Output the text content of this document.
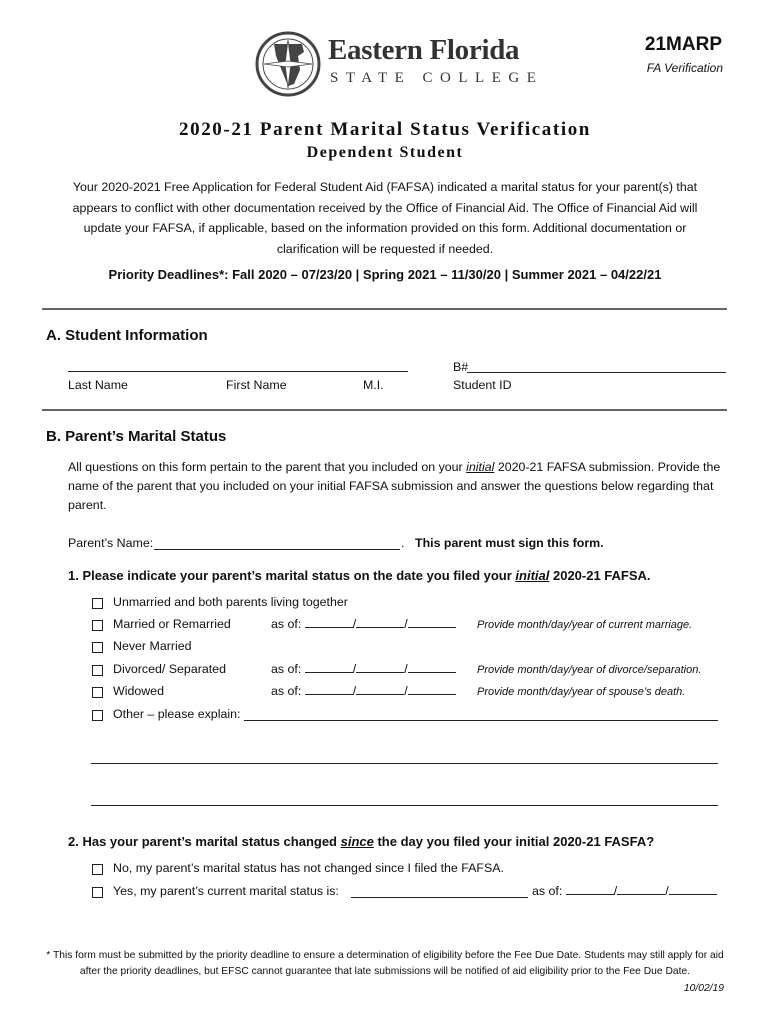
Eastern Florida
STATE COLLEGE
21MARP
FA Verification
2020-21 Parent Marital Status Verification
Dependent Student
Your 2020-2021 Free Application for Federal Student Aid (FAFSA) indicated a marital status for your parent(s) that appears to conflict with other documentation received by the Office of Financial Aid. The Office of Financial Aid will update your FAFSA, if applicable, based on the information provided on this form. Additional documentation or clarification will be requested if needed.
Priority Deadlines*: Fall 2020 – 07/23/20 | Spring 2021 – 11/30/20 | Summer 2021 – 04/22/21
A. Student Information
Last Name	First Name	M.I.
B#
Student ID
B. Parent’s Marital Status
All questions on this form pertain to the parent that you included on your initial 2020-21 FAFSA submission. Provide the name of the parent that you included on your initial FAFSA submission and answer the questions below regarding that parent.
Parent’s Name:	. This parent must sign this form.
1. Please indicate your parent’s marital status on the date you filed your initial 2020-21 FAFSA.
Unmarried and both parents living together
Married or Remarried	as of:	/	/	Provide month/day/year of current marriage.
Never Married
Divorced/ Separated	as of:	/	/	Provide month/day/year of divorce/separation.
Widowed	as of:	/	/	Provide month/day/year of spouse’s death.
Other – please explain:
2. Has your parent’s marital status changed since the day you filed your initial 2020-21 FASFA?
No, my parent’s marital status has not changed since I filed the FAFSA.
Yes, my parent’s current marital status is:	as of:	/	/
* This form must be submitted by the priority deadline to ensure a determination of eligibility before the Fee Due Date. Students may still apply for aid after the priority deadlines, but EFSC cannot guarantee that late submissions will be notified of aid eligibility prior to the Fee Due Date.
10/02/19
